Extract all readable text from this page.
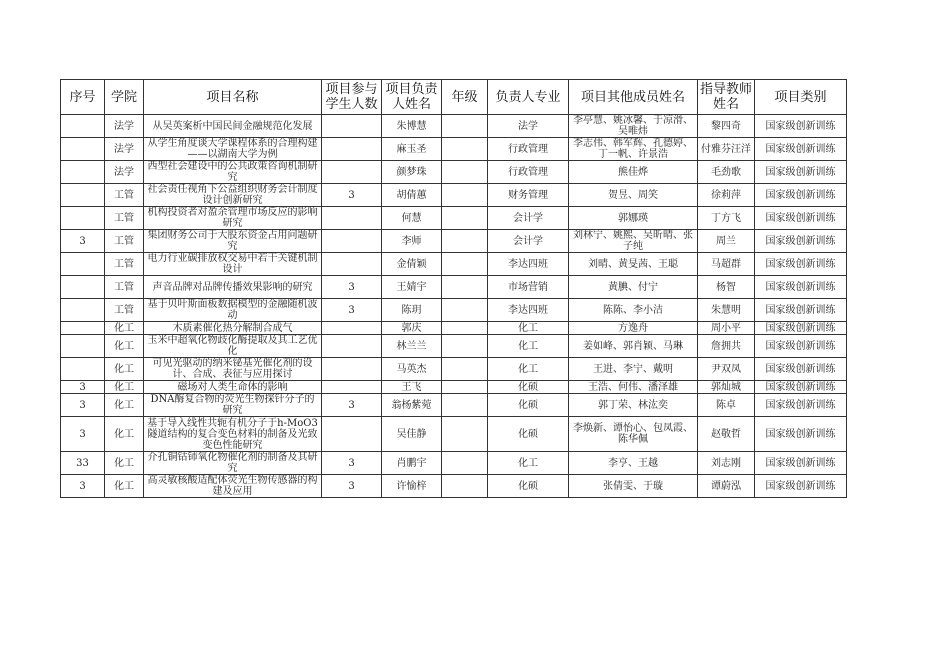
序号	学院	项目名称	项目参与学生人数	项目负责人姓名	年级	负责人专业	项目其他成员姓名	指导教师姓名	项目类别
	法学	从吴英案析中国民间金融规范化发展		朱博慧		法学	李亭慧、姚冰馨、于凉滑、吴唯炜	黎四奇	国家级创新训练
	法学	从学生角度谈大学课程体系的合理构建——以湖南大学为例		麻玉圣		行政管理	李志伟、韩军辉、孔德婷、丁一帆、许景浩	付雅芬汪洋	国家级创新训练
	法学	西型社会建设中的公共政策咨询机制研究		颜梦珠		行政管理	熊佳烨	毛劲歌	国家级创新训练
	工管	社会责任视角下公益组织财务会计制度设计创新研究	3	胡倩蕙		财务管理	贺昱、周笑	徐莉萍	国家级创新训练
	工管	机构投资者对盈余管理市场反应的影响研究		何慧		会计学	郭娜瑛	丁方飞	国家级创新训练
3	工管	集团财务公司于大股东资金占用问题研究		李师		会计学	刘林宁、姚熙、吴昕晴、张子纯	周兰	国家级创新训练
	工管	电力行业碳排放权交易中若干关键机制设计		金倩颖		李达四班	刘晴、黄旻茜、王聪	马超群	国家级创新训练
	工管	声音品牌对品牌传播效果影响的研究	3	王婧宇		市场营销	黄腆、付宁	杨智	国家级创新训练
	工管	基于贝叶斯面板数据模型的金融随机波动	3	陈玥		李达四班	陈陈、李小洁	朱慧明	国家级创新训练
	化工	木质素催化热分解制合成气		郭庆		化工	方逸舟	周小平	国家级创新训练
	化工	玉米中超氧化物歧化酶提取及其工艺优化		林兰兰		化工	姜如峰、郭肖颖、马琳	詹拥共	国家级创新训练
	化工	可见光驱动的纳米铋基光催化剂的设计、合成、表征与应用探讨		马英杰		化工	王进、李宁、戴明	尹双凤	国家级创新训练
3	化工	磁场对人类生命体的影响		王飞		化硕	王浩、何伟、潘泽雄	郭灿城	国家级创新训练
3	化工	DNA酶复合物的荧光生物探针分子的研究	3	翁杨紫菀		化硕	郭丁荣、林汯奕	陈卓	国家级创新训练
3	化工	基于导入线性共轭有机分子于h-MoO3隧道结构的复合变色材料的制备及光致变色性能研究		吴佳静		化硕	李焕新、谭怡心、包凤霞、陈华佩	赵敬哲	国家级创新训练
33	化工	介孔铜钴铈氧化物催化剂的制备及其研究	3	肖鹏宇		化工	李亨、王越	刘志刚	国家级创新训练
3	化工	高灵敏核酸适配体荧光生物传感器的构建及应用	3	许愉梓		化硕	张倩雯、于璇	谭蔚泓	国家级创新训练
